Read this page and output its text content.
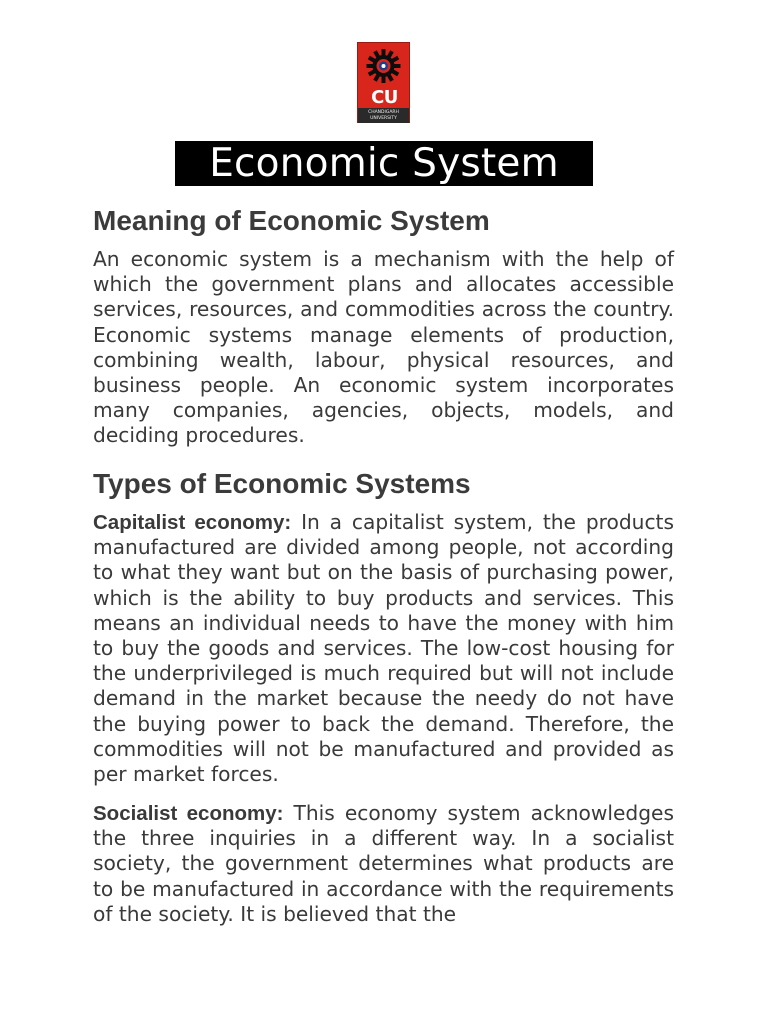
CU
CHANDIGARH
UNIVERSITY
Economic System
Meaning of Economic System

An economic system is a mechanism with the help of which the government plans and allocates accessible services, resources, and commodities across the country. Economic systems manage elements of production, combining wealth, labour, physical resources, and business people. An economic system incorporates many companies, agencies, objects, models, and deciding procedures.

Types of Economic Systems

Capitalist economy: In a capitalist system, the products manufactured are divided among people, not according to what they want but on the basis of purchasing power, which is the ability to buy products and services. This means an individual needs to have the money with him to buy the goods and services. The low-cost housing for the underprivileged is much required but will not include demand in the market because the needy do not have the buying power to back the demand. Therefore, the commodities will not be manufactured and provided as per market forces.

Socialist economy: This economy system acknowledges the three inquiries in a different way. In a socialist society, the government determines what products are to be manufactured in accordance with the requirements of the society. It is believed that the
